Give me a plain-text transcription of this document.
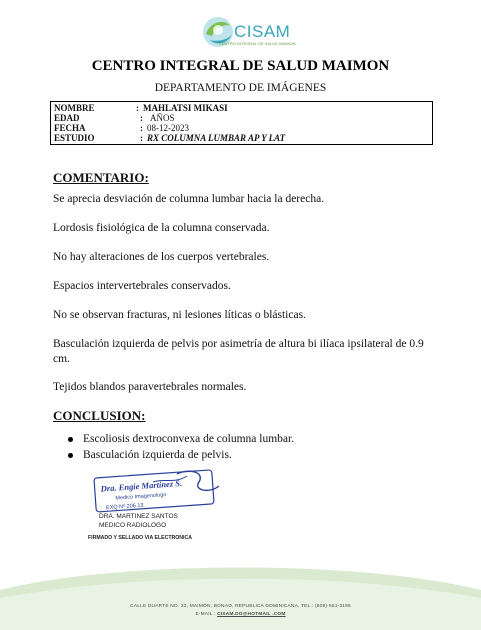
CISAM
CENTRO INTEGRAL DE SALUD MAIMON
CENTRO INTEGRAL DE SALUD MAIMON
DEPARTAMENTO DE IMÁGENES
NOMBRE	: MAHLATSI MIKASI
EDAD	: AÑOS
FECHA	: 08-12-2023
ESTUDIO	: RX COLUMNA LUMBAR AP Y LAT
COMENTARIO:
Se aprecia desviación de columna lumbar hacia la derecha.
Lordosis fisiológica de la columna conservada.
No hay alteraciones de los cuerpos vertebrales.
Espacios intervertebrales conservados.
No se observan fracturas, ni lesiones líticas o blásticas.
Basculación izquierda de pelvis por asimetría de altura bi ilíaca ipsilateral de 0.9 cm.
Tejidos blandos paravertebrales normales.
CONCLUSION:
Escoliosis dextroconvexa de columna lumbar.
Basculación izquierda de pelvis.
Dra. Engie Martinez S.
Medico Imagenologo
EXQ Nº 206 13
DRA. MARTINEZ SANTOS
MEDICO RADIOLOGO
FIRMADO Y SELLADO VIA ELECTRONICA
CALLE DUARTE NO. 33, MAIMÓN, BONAO, REPUBLICA DOMINICANA, TEL.: (809)-551-3196
E-MAIL : CISAM.DO@HOTMAIL .COM
